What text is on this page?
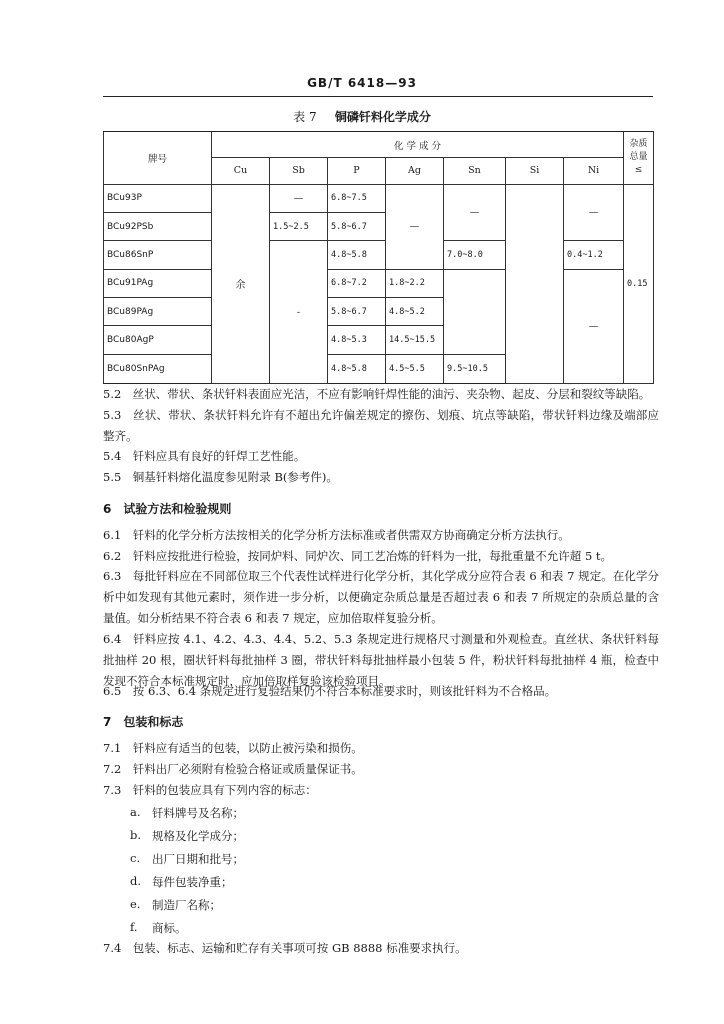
GB/T 6418—93
表 7 铜磷钎料化学成分
牌号	化 学 成 分							杂质总量≤
	Cu	Sb	P	Ag	Sn	Si	Ni	
BCu93P	余	—	6.8~7.5	—	—		—	0.15
BCu92PSb		1.5~2.5	5.8~6.7					
BCu86SnP		-	4.8~5.8		7.0~8.0		0.4~1.2	
BCu91PAg			6.8~7.2	1.8~2.2			—	
BCu89PAg			5.8~6.7	4.8~5.2				
BCu80AgP			4.8~5.3	14.5~15.5				
BCu80SnPAg			4.8~5.8	4.5~5.5	9.5~10.5			
5.2　丝状、带状、条状钎料表面应光洁，不应有影响钎焊性能的油污、夹杂物、起皮、分层和裂纹等缺陷。
5.3　丝状、带状、条状钎料允许有不超出允许偏差规定的擦伤、划痕、坑点等缺陷，带状钎料边缘及端部应整齐。
5.4　钎料应具有良好的钎焊工艺性能。
5.5　铜基钎料熔化温度参见附录 B(参考件)。
6　试验方法和检验规则
6.1　钎料的化学分析方法按相关的化学分析方法标准或者供需双方协商确定分析方法执行。
6.2　钎料应按批进行检验，按同炉料、同炉次、同工艺冶炼的钎料为一批，每批重量不允许超 5 t。
6.3　每批钎料应在不同部位取三个代表性试样进行化学分析，其化学成分应符合表 6 和表 7 规定。在化学分析中如发现有其他元素时，须作进一步分析，以便确定杂质总量是否超过表 6 和表 7 所规定的杂质总量的含量值。如分析结果不符合表 6 和表 7 规定，应加倍取样复验分析。
6.4　钎料应按 4.1、4.2、4.3、4.4、5.2、5.3 条规定进行规格尺寸测量和外观检查。直丝状、条状钎料每批抽样 20 根，圈状钎料每批抽样 3 圈，带状钎料每批抽样最小包装 5 件，粉状钎料每批抽样 4 瓶，检查中发现不符合本标准规定时，应加倍取样复验该检验项目。
6.5　按 6.3、6.4 条规定进行复验结果仍不符合本标准要求时，则该批钎料为不合格品。
7　包装和标志
7.1　钎料应有适当的包装，以防止被污染和损伤。
7.2　钎料出厂必须附有检验合格证或质量保证书。
7.3　钎料的包装应具有下列内容的标志：
a. 钎料牌号及名称；
b. 规格及化学成分；
c. 出厂日期和批号；
d. 每件包装净重；
e. 制造厂名称；
f. 商标。
7.4　包装、标志、运输和贮存有关事项可按 GB 8888 标准要求执行。
